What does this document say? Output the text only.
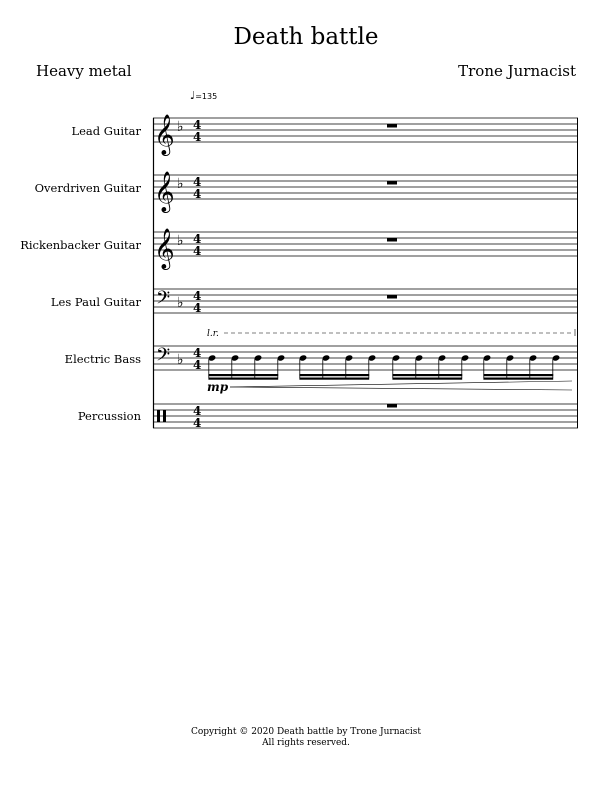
Death battle
Heavy metal	Trone Jurnacist
♩=135
Lead Guitar
Overdriven Guitar
Rickenbacker Guitar
Les Paul Guitar
Electric Bass
Percussion
𝄞 ♭ 4
4
𝄞 ♭ 4
4
𝄞 ♭ 4
4
𝄢 ♭ 4
4
l.r.
𝄢 ♭ 4
4
mp
4
4
Copyright © 2020 Death battle by Trone Jurnacist
All rights reserved.
